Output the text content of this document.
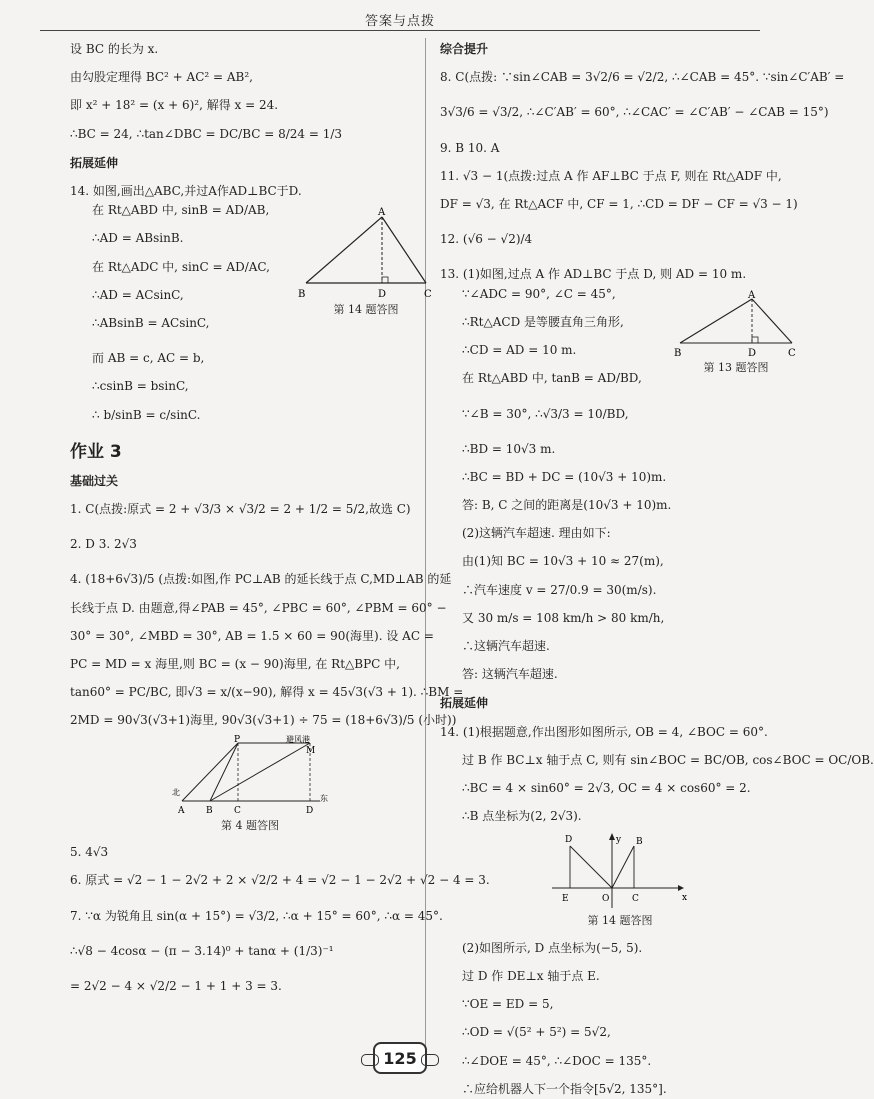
答案与点拨
设 BC 的长为 x.
由勾股定理得 BC² + AC² = AB²,
即 x² + 18² = (x + 6)², 解得 x = 24.
∴BC = 24, ∴tan∠DBC = DC/BC = 8/24 = 1/3
拓展延伸
14. 如图,画出△ABC,并过A作AD⊥BC于D.
在 Rt△ABD 中, sinB = AD/AB,
∴AD = ABsinB.
在 Rt△ADC 中, sinC = AD/AC,
∴AD = ACsinC,
∴ABsinB = ACsinC,
A
B	D	C
第 14 题答图
而 AB = c, AC = b,
∴csinB = bsinC,
∴ b/sinB = c/sinC.
作业 3
基础过关
1. C(点拨:原式 = 2 + √3/3 × √3/2 = 2 + 1/2 = 5/2,故选 C)
2. D 3. 2√3
4. (18+6√3)/5 (点拨:如图,作 PC⊥AB 的延长线于点 C,MD⊥AB 的延
长线于点 D. 由题意,得∠PAB = 45°, ∠PBC = 60°, ∠PBM = 60° −
30° = 30°, ∠MBD = 30°, AB = 1.5 × 60 = 90(海里). 设 AC =
PC = MD = x 海里,则 BC = (x − 90)海里, 在 Rt△BPC 中,
tan60° = PC/BC, 即√3 = x/(x−90), 解得 x = 45√3(√3 + 1). ∴BM =
2MD = 90√3(√3+1)海里, 90√3(√3+1) ÷ 75 = (18+6√3)/5 (小时))
P
M
避风港
北
东
A B C	D
第 4 题答图
5. 4√3
6. 原式 = √2 − 1 − 2√2 + 2 × √2/2 + 4 = √2 − 1 − 2√2 + √2 − 4 = 3.
7. ∵α 为锐角且 sin(α + 15°) = √3/2, ∴α + 15° = 60°, ∴α = 45°.
∴√8 − 4cosα − (π − 3.14)⁰ + tanα + (1/3)⁻¹
= 2√2 − 4 × √2/2 − 1 + 1 + 3 = 3.
综合提升
8. C(点拨: ∵sin∠CAB = 3√2/6 = √2/2, ∴∠CAB = 45°. ∵sin∠C′AB′ =
3√3/6 = √3/2, ∴∠C′AB′ = 60°, ∴∠CAC′ = ∠C′AB′ − ∠CAB = 15°)
9. B 10. A
11. √3 − 1(点拨:过点 A 作 AF⊥BC 于点 F, 则在 Rt△ADF 中,
DF = √3, 在 Rt△ACF 中, CF = 1, ∴CD = DF − CF = √3 − 1)
12. (√6 − √2)/4
13. (1)如图,过点 A 作 AD⊥BC 于点 D, 则 AD = 10 m.
∵∠ADC = 90°, ∠C = 45°,
∴Rt△ACD 是等腰直角三角形,
∴CD = AD = 10 m.
在 Rt△ABD 中, tanB = AD/BD,
A
B	D	C
第 13 题答图
∵∠B = 30°, ∴√3/3 = 10/BD,
∴BD = 10√3 m.
∴BC = BD + DC = (10√3 + 10)m.
答: B, C 之间的距离是(10√3 + 10)m.
(2)这辆汽车超速. 理由如下:
由(1)知 BC = 10√3 + 10 ≈ 27(m),
∴汽车速度 v = 27/0.9 = 30(m/s).
又 30 m/s = 108 km/h > 80 km/h,
∴这辆汽车超速.
答: 这辆汽车超速.
拓展延伸
14. (1)根据题意,作出图形如图所示, OB = 4, ∠BOC = 60°.
过 B 作 BC⊥x 轴于点 C, 则有 sin∠BOC = BC/OB, cos∠BOC = OC/OB.
∴BC = 4 × sin60° = 2√3, OC = 4 × cos60° = 2.
∴B 点坐标为(2, 2√3).
D	y B
E	O	C	x
第 14 题答图
(2)如图所示, D 点坐标为(−5, 5).
过 D 作 DE⊥x 轴于点 E.
∵OE = ED = 5,
∴OD = √(5² + 5²) = 5√2,
∴∠DOE = 45°, ∴∠DOC = 135°.
∴应给机器人下一个指令[5√2, 135°].
125
